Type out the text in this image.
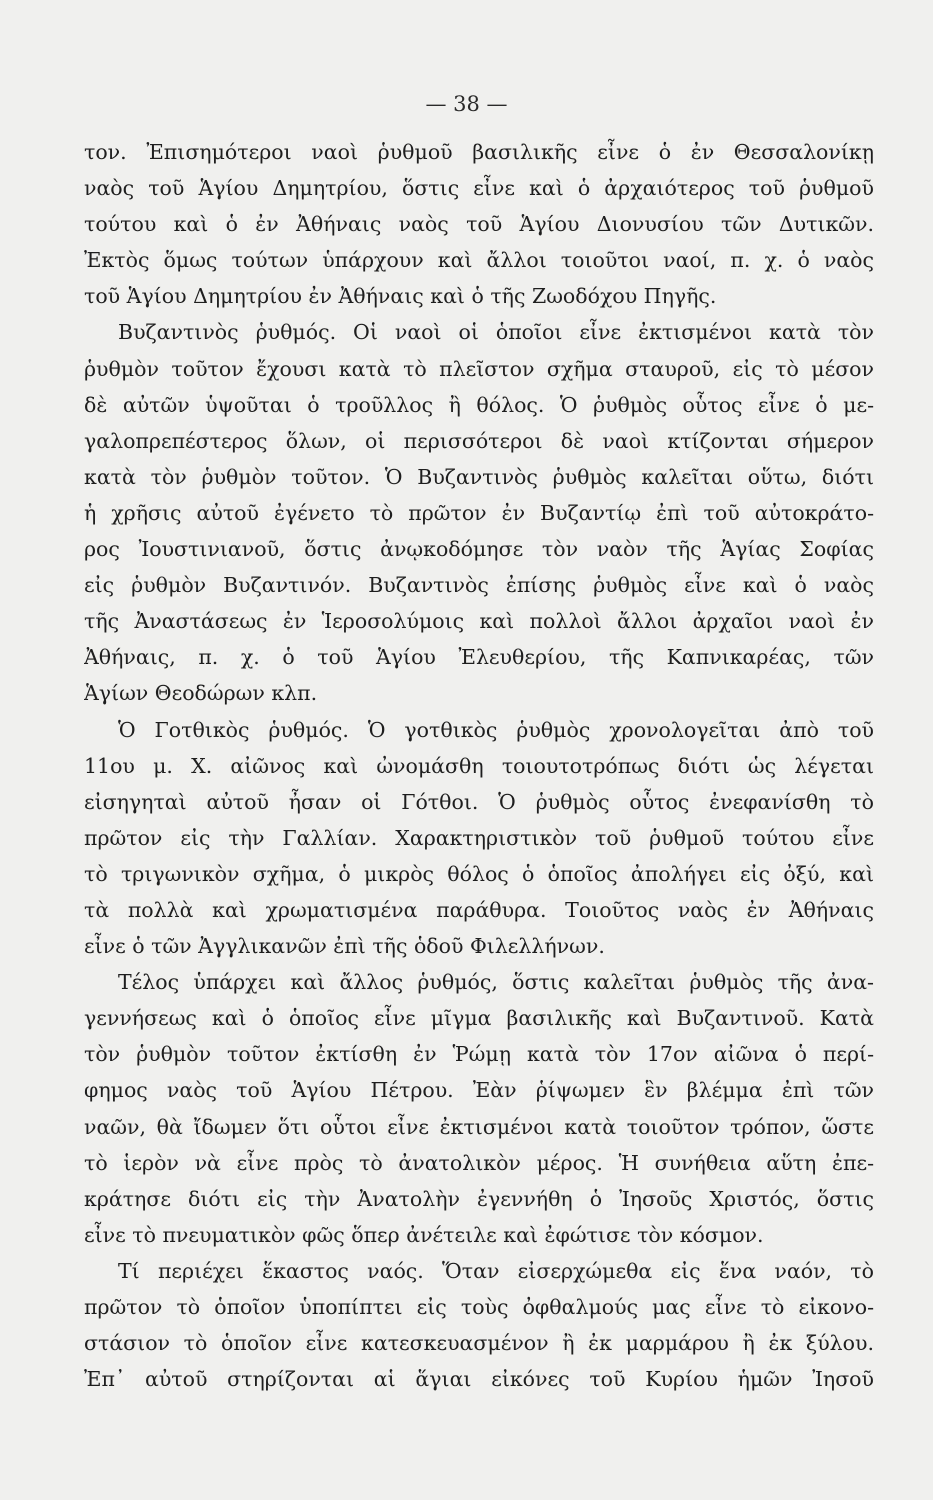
— 38 —
τον. Ἐπισημότεροι ναοὶ ῥυθμοῦ βασιλικῆς εἶνε ὁ ἐν Θεσσαλονίκῃ
ναὸς τοῦ Ἁγίου Δημητρίου, ὅστις εἶνε καὶ ὁ ἀρχαιότερος τοῦ ῥυθμοῦ
τούτου καὶ ὁ ἐν Ἀθήναις ναὸς τοῦ Ἁγίου Διονυσίου τῶν Δυτικῶν.
Ἐκτὸς ὅμως τούτων ὑπάρχουν καὶ ἄλλοι τοιοῦτοι ναοί, π. χ. ὁ ναὸς
τοῦ Ἁγίου Δημητρίου ἐν Ἀθήναις καὶ ὁ τῆς Ζωοδόχου Πηγῆς.
Βυζαντινὸς ῥυθμός. Οἱ ναοὶ οἱ ὁποῖοι εἶνε ἐκτισμένοι κατὰ τὸν
ῥυθμὸν τοῦτον ἔχουσι κατὰ τὸ πλεῖστον σχῆμα σταυροῦ, εἰς τὸ μέσον
δὲ αὐτῶν ὑψοῦται ὁ τροῦλλος ἢ θόλος. Ὁ ῥυθμὸς οὗτος εἶνε ὁ με-
γαλοπρεπέστερος ὅλων, οἱ περισσότεροι δὲ ναοὶ κτίζονται σήμερον
κατὰ τὸν ῥυθμὸν τοῦτον. Ὁ Βυζαντινὸς ῥυθμὸς καλεῖται οὕτω, διότι
ἡ χρῆσις αὐτοῦ ἐγένετο τὸ πρῶτον ἐν Βυζαντίῳ ἐπὶ τοῦ αὐτοκράτο-
ρος Ἰουστινιανοῦ, ὅστις ἀνῳκοδόμησε τὸν ναὸν τῆς Ἁγίας Σοφίας
εἰς ῥυθμὸν Βυζαντινόν. Βυζαντινὸς ἐπίσης ῥυθμὸς εἶνε καὶ ὁ ναὸς
τῆς Ἀναστάσεως ἐν Ἱεροσολύμοις καὶ πολλοὶ ἄλλοι ἀρχαῖοι ναοὶ ἐν
Ἀθήναις, π. χ. ὁ τοῦ Ἁγίου Ἐλευθερίου, τῆς Καπνικαρέας, τῶν
Ἁγίων Θεοδώρων κλπ.
Ὁ Γοτθικὸς ῥυθμός. Ὁ γοτθικὸς ῥυθμὸς χρονολογεῖται ἀπὸ τοῦ
11ου μ. Χ. αἰῶνος καὶ ὠνομάσθη τοιουτοτρόπως διότι ὡς λέγεται
εἰσηγηταὶ αὐτοῦ ἦσαν οἱ Γότθοι. Ὁ ῥυθμὸς οὗτος ἐνεφανίσθη τὸ
πρῶτον εἰς τὴν Γαλλίαν. Χαρακτηριστικὸν τοῦ ῥυθμοῦ τούτου εἶνε
τὸ τριγωνικὸν σχῆμα, ὁ μικρὸς θόλος ὁ ὁποῖος ἀπολήγει εἰς ὀξύ, καὶ
τὰ πολλὰ καὶ χρωματισμένα παράθυρα. Τοιοῦτος ναὸς ἐν Ἀθήναις
εἶνε ὁ τῶν Ἀγγλικανῶν ἐπὶ τῆς ὁδοῦ Φιλελλήνων.
Τέλος ὑπάρχει καὶ ἄλλος ῥυθμός, ὅστις καλεῖται ῥυθμὸς τῆς ἀνα-
γεννήσεως καὶ ὁ ὁποῖος εἶνε μῖγμα βασιλικῆς καὶ Βυζαντινοῦ. Κατὰ
τὸν ῥυθμὸν τοῦτον ἐκτίσθη ἐν Ῥώμῃ κατὰ τὸν 17ον αἰῶνα ὁ περί-
φημος ναὸς τοῦ Ἁγίου Πέτρου. Ἐὰν ῥίψωμεν ἓν βλέμμα ἐπὶ τῶν
ναῶν, θὰ ἴδωμεν ὅτι οὗτοι εἶνε ἐκτισμένοι κατὰ τοιοῦτον τρόπον, ὥστε
τὸ ἱερὸν νὰ εἶνε πρὸς τὸ ἀνατολικὸν μέρος. Ἡ συνήθεια αὕτη ἐπε-
κράτησε διότι εἰς τὴν Ἀνατολὴν ἐγεννήθη ὁ Ἰησοῦς Χριστός, ὅστις
εἶνε τὸ πνευματικὸν φῶς ὅπερ ἀνέτειλε καὶ ἐφώτισε τὸν κόσμον.
Τί περιέχει ἕκαστος ναός. Ὅταν εἰσερχώμεθα εἰς ἕνα ναόν, τὸ
πρῶτον τὸ ὁποῖον ὑποπίπτει εἰς τοὺς ὀφθαλμούς μας εἶνε τὸ εἰκονο-
στάσιον τὸ ὁποῖον εἶνε κατεσκευασμένον ἢ ἐκ μαρμάρου ἢ ἐκ ξύλου.
Ἐπ᾽ αὐτοῦ στηρίζονται αἱ ἅγιαι εἰκόνες τοῦ Κυρίου ἡμῶν Ἰησοῦ
